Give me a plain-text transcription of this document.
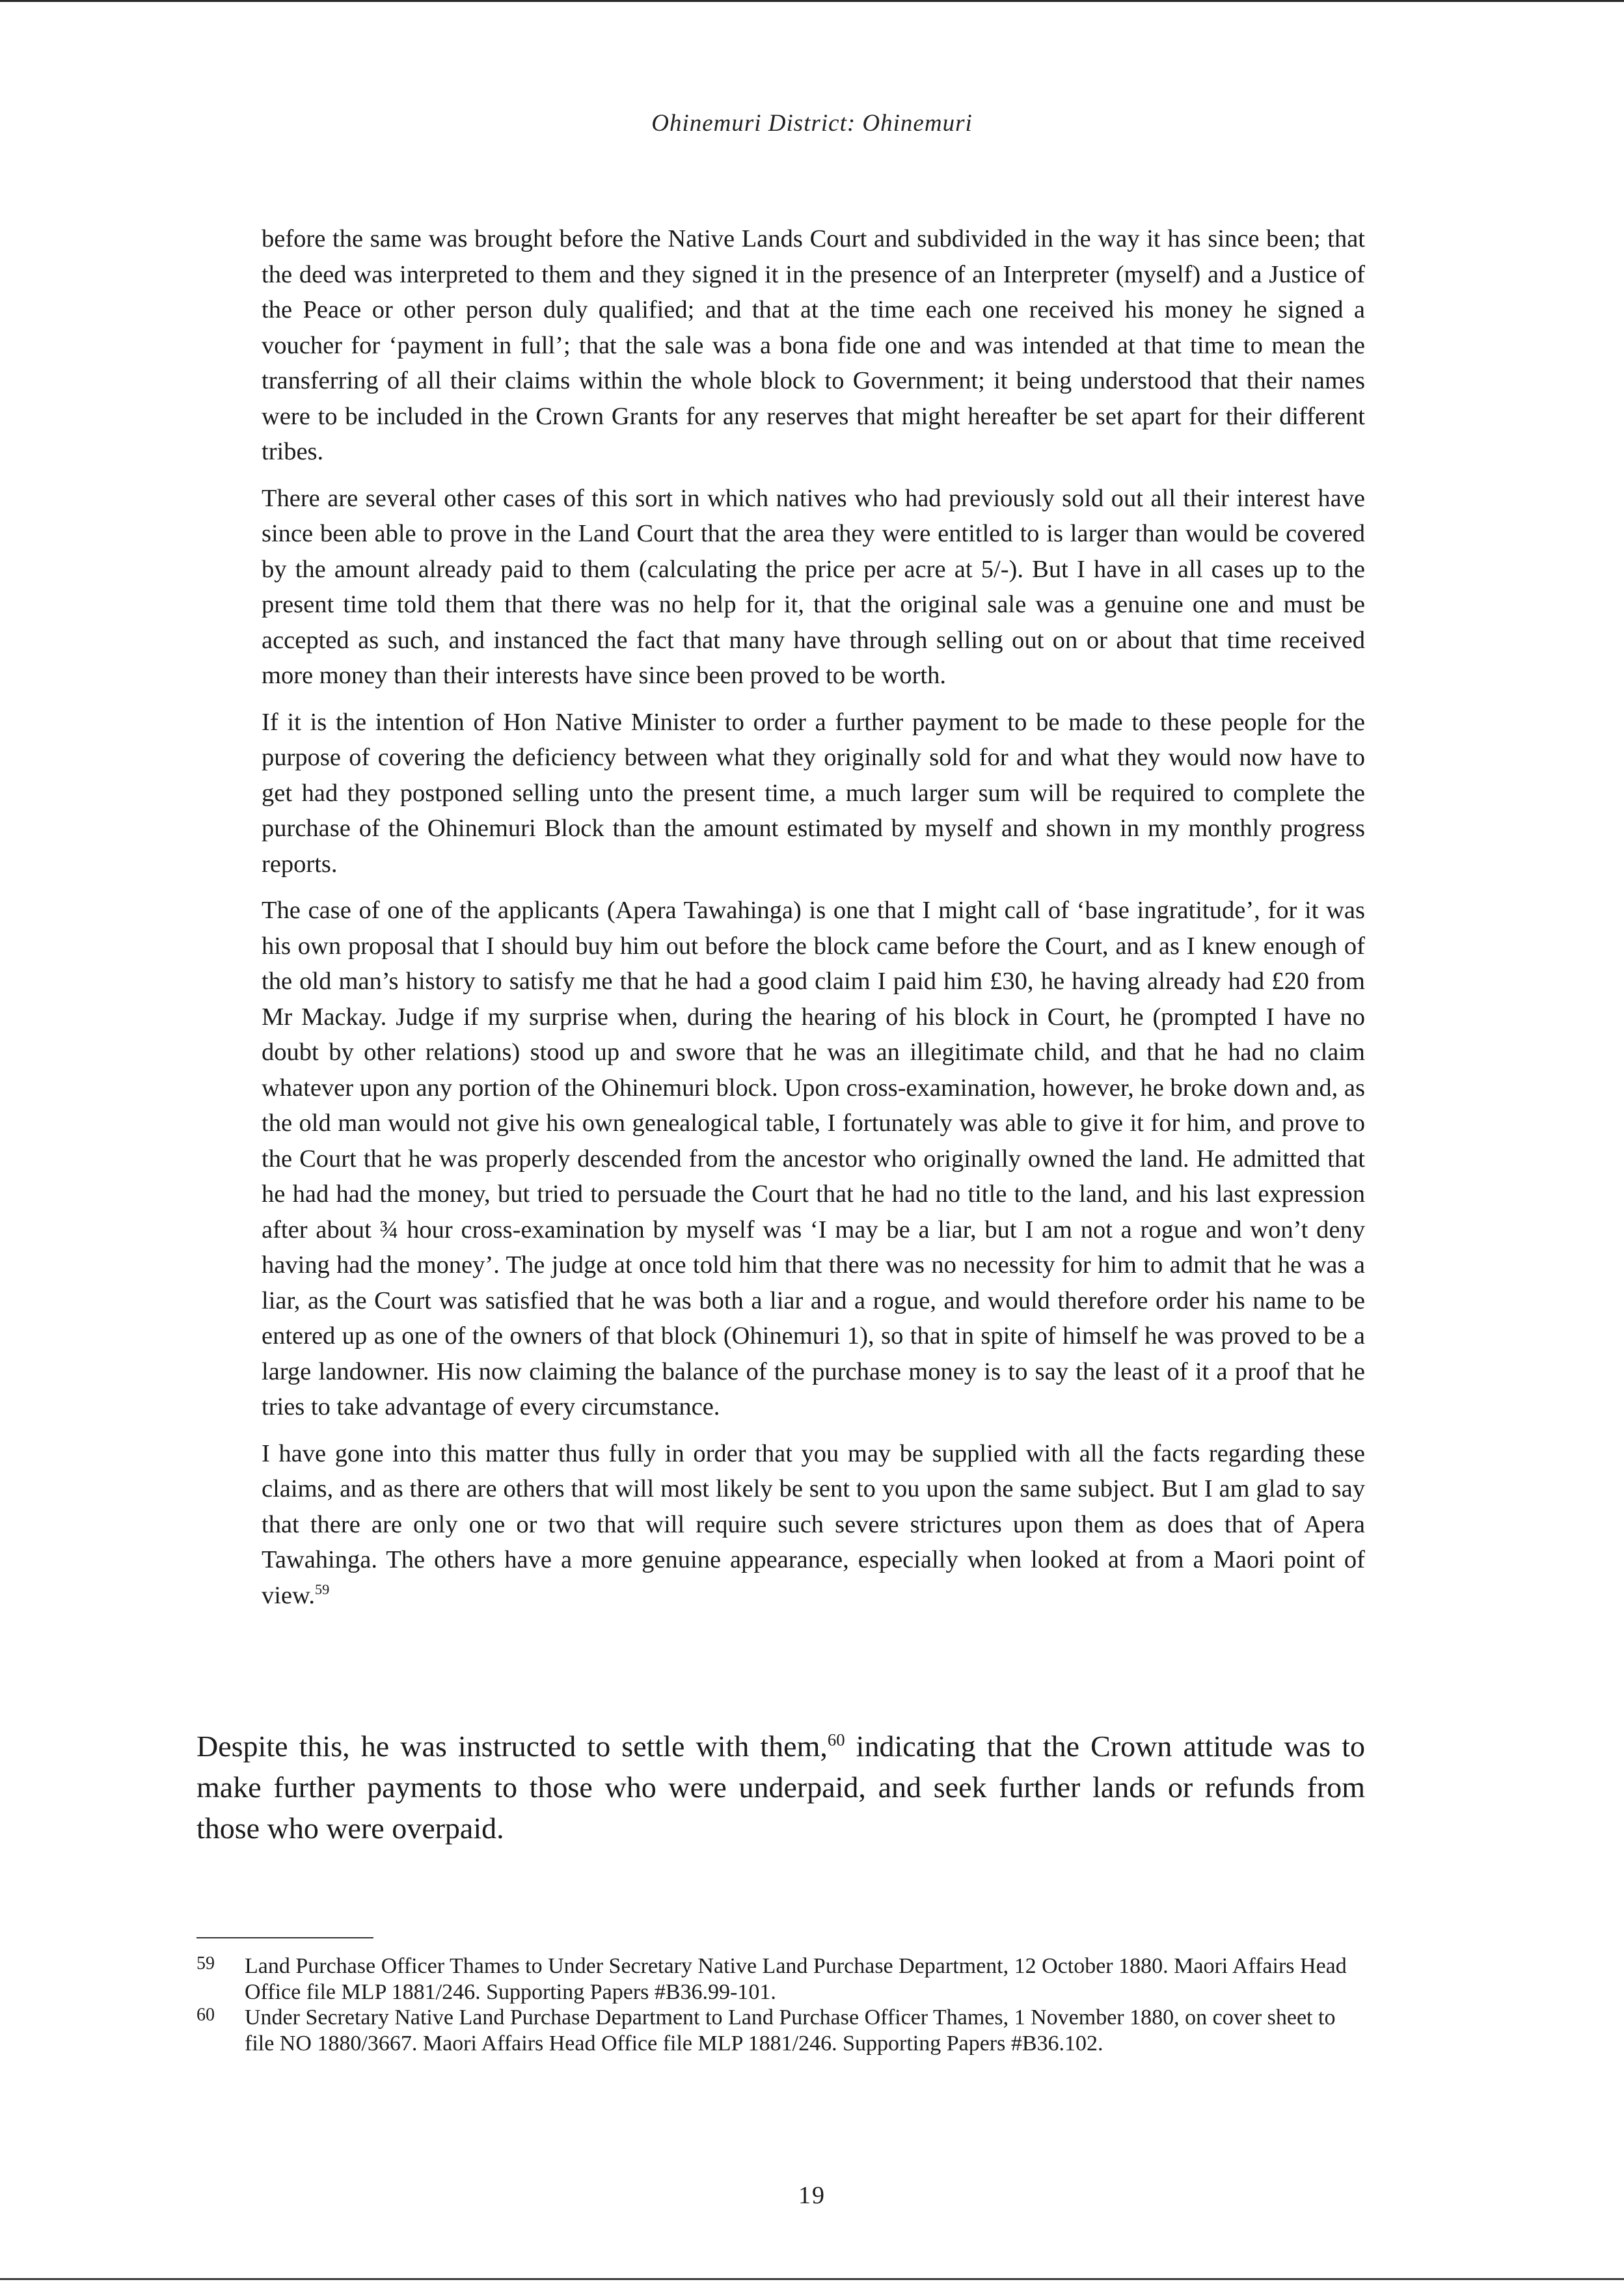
Ohinemuri District: Ohinemuri

before the same was brought before the Native Lands Court and subdivided in the way it has since been; that the deed was interpreted to them and they signed it in the presence of an Interpreter (myself) and a Justice of the Peace or other person duly qualified; and that at the time each one received his money he signed a voucher for ‘payment in full’; that the sale was a bona fide one and was intended at that time to mean the transferring of all their claims within the whole block to Government; it being understood that their names were to be included in the Crown Grants for any reserves that might hereafter be set apart for their different tribes.

There are several other cases of this sort in which natives who had previously sold out all their interest have since been able to prove in the Land Court that the area they were entitled to is larger than would be covered by the amount already paid to them (calculating the price per acre at 5/-). But I have in all cases up to the present time told them that there was no help for it, that the original sale was a genuine one and must be accepted as such, and instanced the fact that many have through selling out on or about that time received more money than their interests have since been proved to be worth.

If it is the intention of Hon Native Minister to order a further payment to be made to these people for the purpose of covering the deficiency between what they originally sold for and what they would now have to get had they postponed selling unto the present time, a much larger sum will be required to complete the purchase of the Ohinemuri Block than the amount estimated by myself and shown in my monthly progress reports.

The case of one of the applicants (Apera Tawahinga) is one that I might call of ‘base ingratitude’, for it was his own proposal that I should buy him out before the block came before the Court, and as I knew enough of the old man’s history to satisfy me that he had a good claim I paid him £30, he having already had £20 from Mr Mackay. Judge if my surprise when, during the hearing of his block in Court, he (prompted I have no doubt by other relations) stood up and swore that he was an illegitimate child, and that he had no claim whatever upon any portion of the Ohinemuri block. Upon cross-examination, however, he broke down and, as the old man would not give his own genealogical table, I fortunately was able to give it for him, and prove to the Court that he was properly descended from the ancestor who originally owned the land. He admitted that he had had the money, but tried to persuade the Court that he had no title to the land, and his last expression after about ¾ hour cross-examination by myself was ‘I may be a liar, but I am not a rogue and won’t deny having had the money’. The judge at once told him that there was no necessity for him to admit that he was a liar, as the Court was satisfied that he was both a liar and a rogue, and would therefore order his name to be entered up as one of the owners of that block (Ohinemuri 1), so that in spite of himself he was proved to be a large landowner. His now claiming the balance of the purchase money is to say the least of it a proof that he tries to take advantage of every circumstance.

I have gone into this matter thus fully in order that you may be supplied with all the facts regarding these claims, and as there are others that will most likely be sent to you upon the same subject. But I am glad to say that there are only one or two that will require such severe strictures upon them as does that of Apera Tawahinga. The others have a more genuine appearance, especially when looked at from a Maori point of view.$^{59}$

Despite this, he was instructed to settle with them,$^{60}$ indicating that the Crown attitude was to make further payments to those who were underpaid, and seek further lands or refunds from those who were overpaid.

59	Land Purchase Officer Thames to Under Secretary Native Land Purchase Department, 12 October 1880. Maori Affairs Head Office file MLP 1881/246. Supporting Papers #B36.99-101.
60	Under Secretary Native Land Purchase Department to Land Purchase Officer Thames, 1 November 1880, on cover sheet to file NO 1880/3667. Maori Affairs Head Office file MLP 1881/246. Supporting Papers #B36.102.
19
